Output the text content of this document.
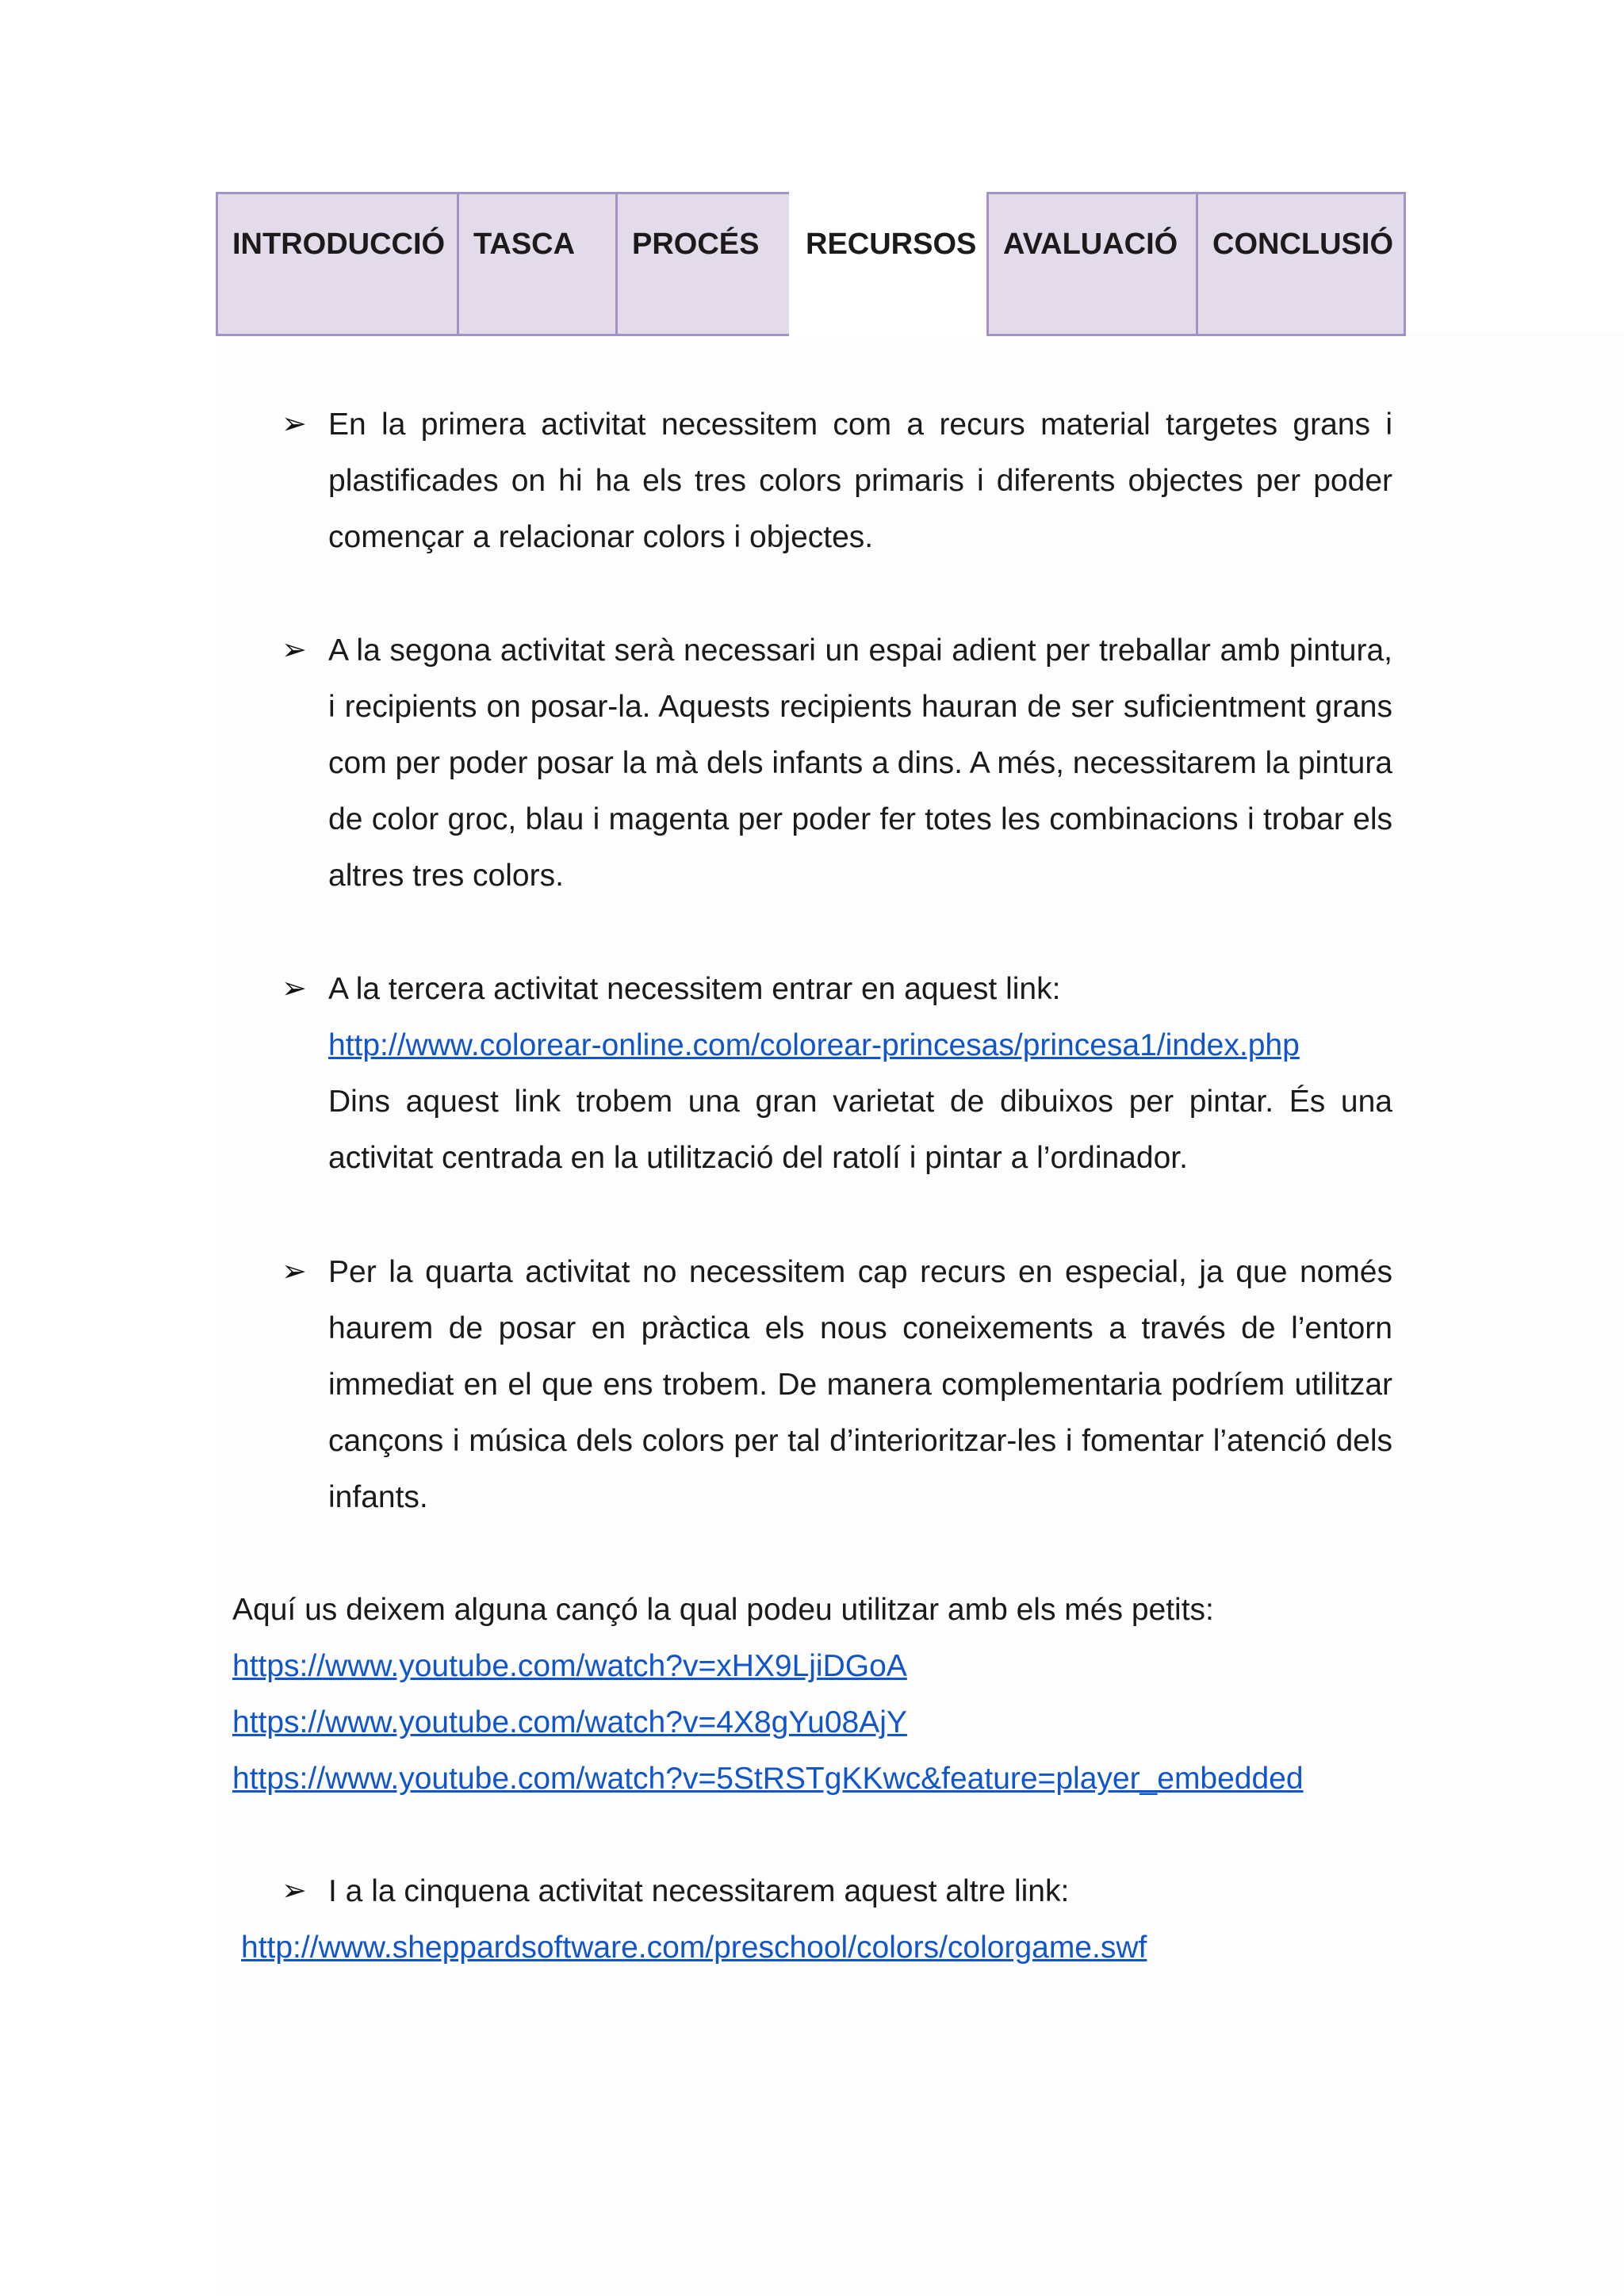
INTRODUCCIÓ TASCA	PROCÉS	RECURSOS AVALUACIÓ	CONCLUSIÓ
➢ En la primera activitat necessitem com a recurs material targetes grans i plastificades on hi ha els tres colors primaris i diferents objectes per poder començar a relacionar colors i objectes.
➢ A la segona activitat serà necessari un espai adient per treballar amb pintura, i recipients on posar-la. Aquests recipients hauran de ser suficientment grans com per poder posar la mà dels infants a dins. A més, necessitarem la pintura de color groc, blau i magenta per poder fer totes les combinacions i trobar els altres tres colors.
➢ A la tercera activitat necessitem entrar en aquest link:
http://www.colorear-online.com/colorear-princesas/princesa1/index.php
Dins aquest link trobem una gran varietat de dibuixos per pintar. És una activitat centrada en la utilització del ratolí i pintar a l’ordinador.
➢ Per la quarta activitat no necessitem cap recurs en especial, ja que només haurem de posar en pràctica els nous coneixements a través de l’entorn immediat en el que ens trobem. De manera complementaria podríem utilitzar cançons i música dels colors per tal d’interioritzar-les i fomentar l’atenció dels infants.
Aquí us deixem alguna cançó la qual podeu utilitzar amb els més petits:
https://www.youtube.com/watch?v=xHX9LjiDGoA
https://www.youtube.com/watch?v=4X8gYu08AjY
https://www.youtube.com/watch?v=5StRSTgKKwc&feature=player_embedded
➢ I a la cinquena activitat necessitarem aquest altre link:
http://www.sheppardsoftware.com/preschool/colors/colorgame.swf
